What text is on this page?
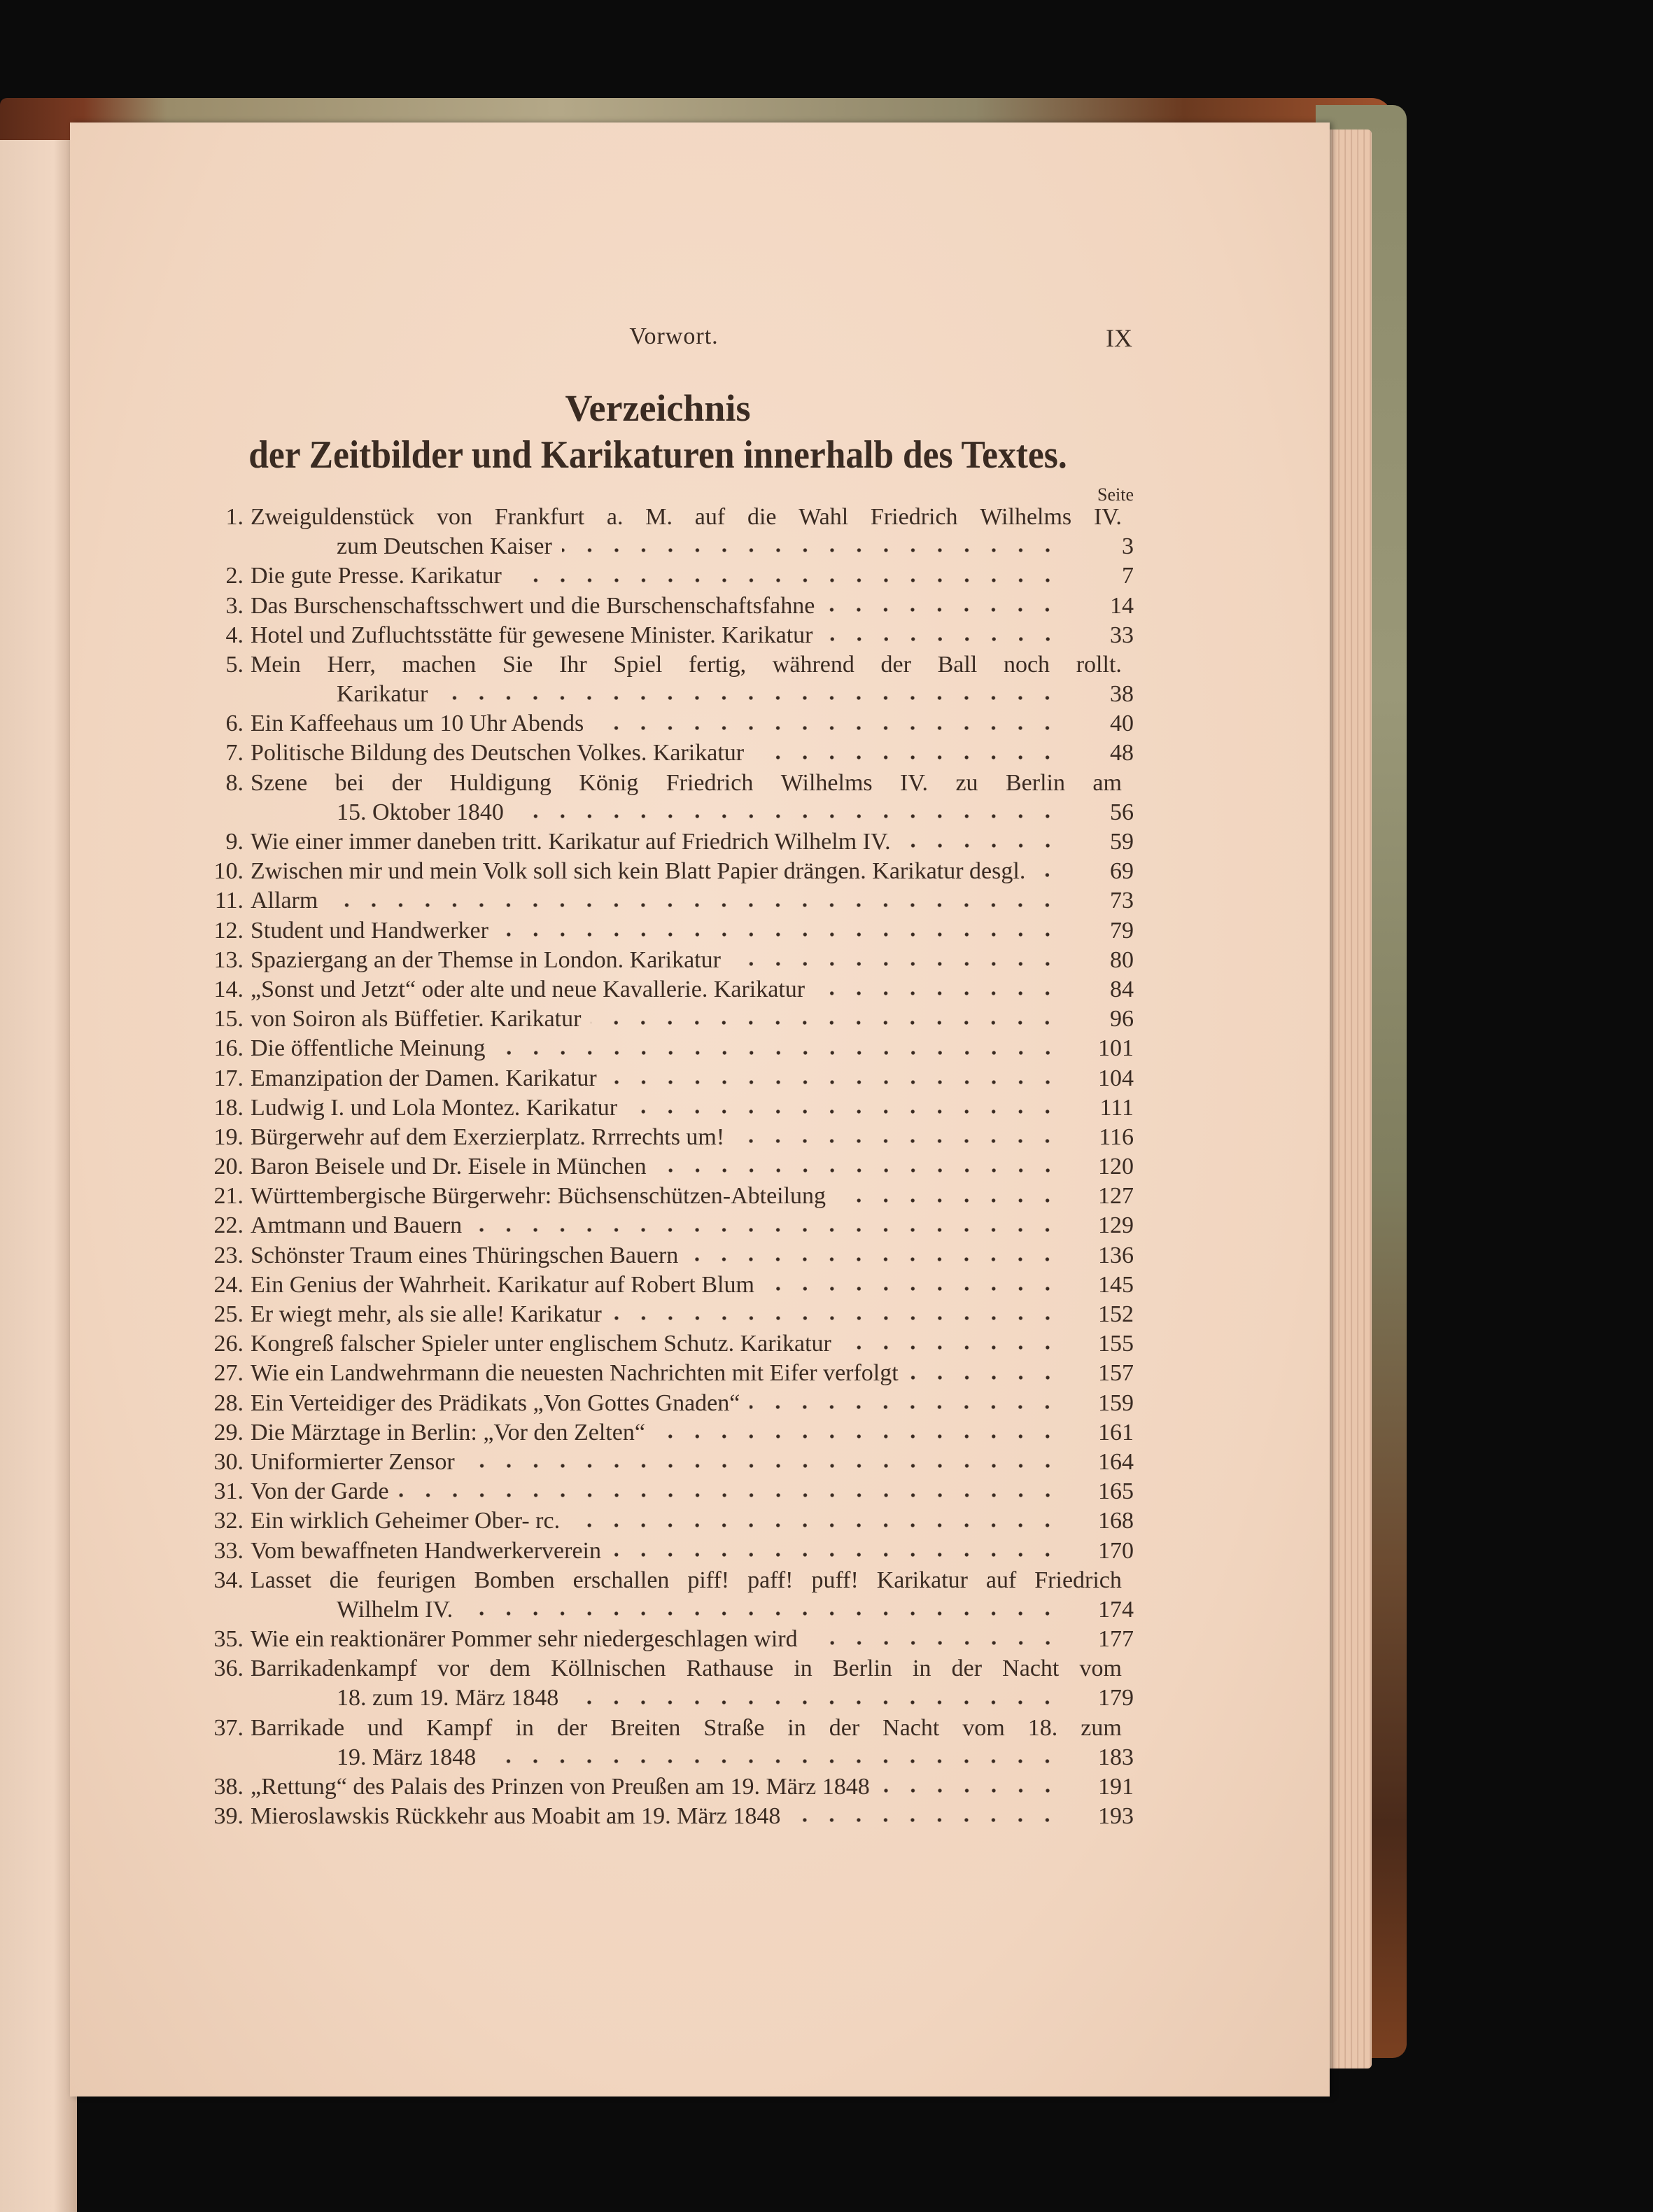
Vorwort.	IX
Verzeichnis
der Zeitbilder und Karikaturen innerhalb des Textes.
Seite
1. Zweiguldenstück von Frankfurt a. M. auf die Wahl Friedrich Wilhelms IV.
zum Deutschen Kaiser	3
2. Die gute Presse. Karikatur	7
3. Das Burschenschaftsschwert und die Burschenschaftsfahne	14
4. Hotel und Zufluchtsstätte für gewesene Minister. Karikatur	33
5. Mein Herr, machen Sie Ihr Spiel fertig, während der Ball noch rollt.
Karikatur	38
6. Ein Kaffeehaus um 10 Uhr Abends	40
7. Politische Bildung des Deutschen Volkes. Karikatur	48
8. Szene bei der Huldigung König Friedrich Wilhelms IV. zu Berlin am
15. Oktober 1840	56
9. Wie einer immer daneben tritt. Karikatur auf Friedrich Wilhelm IV.	59
10. Zwischen mir und mein Volk soll sich kein Blatt Papier drängen. Karikatur desgl.	69
11. Allarm	73
12. Student und Handwerker	79
13. Spaziergang an der Themse in London. Karikatur	80
14. „Sonst und Jetzt“ oder alte und neue Kavallerie. Karikatur	84
15. von Soiron als Büffetier. Karikatur	96
16. Die öffentliche Meinung	101
17. Emanzipation der Damen. Karikatur	104
18. Ludwig I. und Lola Montez. Karikatur	111
19. Bürgerwehr auf dem Exerzierplatz. Rrrrechts um!	116
20. Baron Beisele und Dr. Eisele in München	120
21. Württembergische Bürgerwehr: Büchsenschützen-Abteilung	127
22. Amtmann und Bauern	129
23. Schönster Traum eines Thüringschen Bauern	136
24. Ein Genius der Wahrheit. Karikatur auf Robert Blum	145
25. Er wiegt mehr, als sie alle! Karikatur	152
26. Kongreß falscher Spieler unter englischem Schutz. Karikatur	155
27. Wie ein Landwehrmann die neuesten Nachrichten mit Eifer verfolgt	157
28. Ein Verteidiger des Prädikats „Von Gottes Gnaden“	159
29. Die Märztage in Berlin: „Vor den Zelten“	161
30. Uniformierter Zensor	164
31. Von der Garde	165
32. Ein wirklich Geheimer Ober- rc.	168
33. Vom bewaffneten Handwerkerverein	170
34. Lasset die feurigen Bomben erschallen piff! paff! puff! Karikatur auf Friedrich
Wilhelm IV.	174
35. Wie ein reaktionärer Pommer sehr niedergeschlagen wird	177
36. Barrikadenkampf vor dem Köllnischen Rathause in Berlin in der Nacht vom
18. zum 19. März 1848	179
37. Barrikade und Kampf in der Breiten Straße in der Nacht vom 18. zum
19. März 1848	183
38. „Rettung“ des Palais des Prinzen von Preußen am 19. März 1848	191
39. Mieroslawskis Rückkehr aus Moabit am 19. März 1848	193
